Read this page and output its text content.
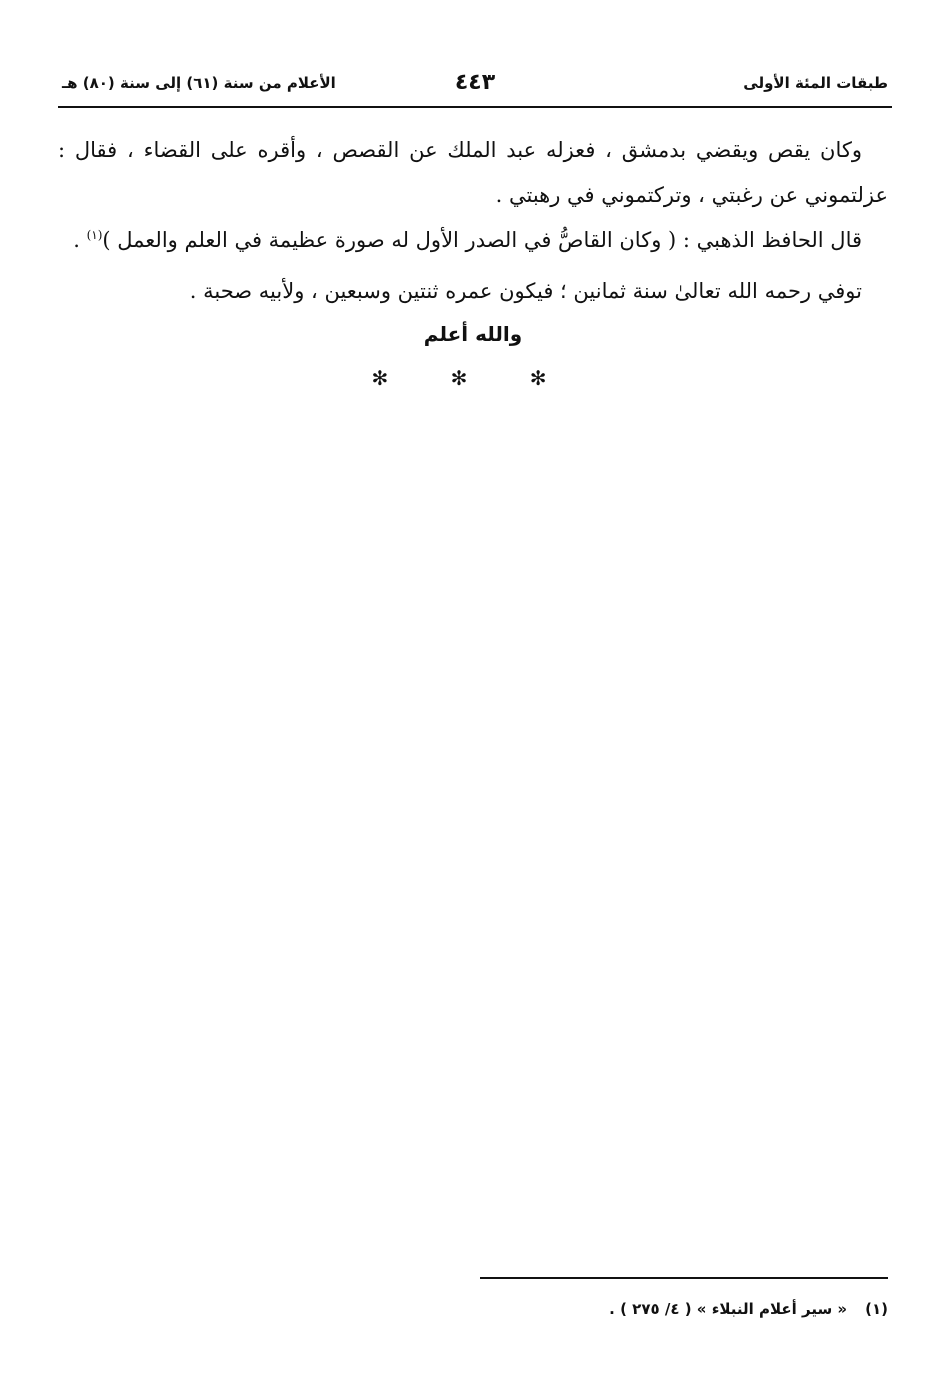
طبقات المئة الأولى
٤٤٣
الأعلام من سنة (٦١) إلى سنة (٨٠) هـ

وكان يقص ويقضي بدمشق ، فعزله عبد الملك عن القصص ، وأقره على القضاء ، فقال : عزلتموني عن رغبتي ، وتركتموني في رهبتي .

قال الحافظ الذهبي : ( وكان القاصُّ في الصدر الأول له صورة عظيمة في العلم والعمل )$^{(١)}$ .

توفي رحمه الله تعالىٰ سنة ثمانين ؛ فيكون عمره ثنتين وسبعين ، ولأبيه صحبة .

والله أعلم
✻ ✻ ✻
(١)« سير أعلام النبلاء » ( ٤/ ٢٧٥ ) .
